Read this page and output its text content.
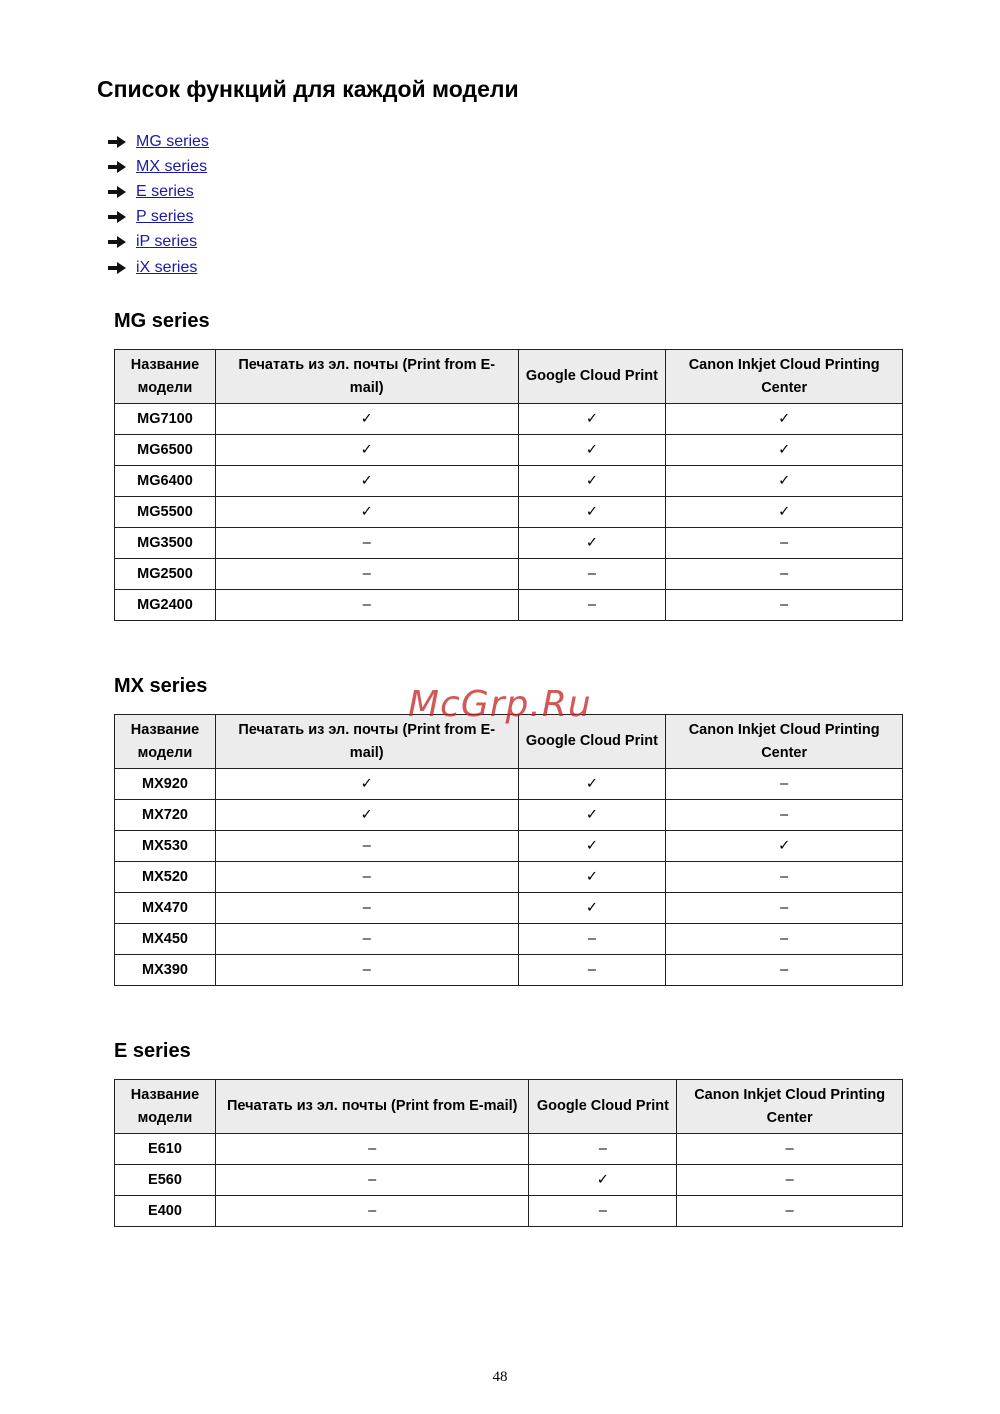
Список функций для каждой модели
MG series
MX series
E series
P series
iP series
iX series
MG series
Название модели	Печатать из эл. почты (Print from E-mail)	Google Cloud Print	Canon Inkjet Cloud Printing Center
MG7100	✓	✓	✓
MG6500	✓	✓	✓
MG6400	✓	✓	✓
MG5500	✓	✓	✓
MG3500	–	✓	–
MG2500	–	–	–
MG2400	–	–	–
MX series
Название модели	Печатать из эл. почты (Print from E-mail)	Google Cloud Print	Canon Inkjet Cloud Printing Center
MX920	✓	✓	–
MX720	✓	✓	–
MX530	–	✓	✓
MX520	–	✓	–
MX470	–	✓	–
MX450	–	–	–
MX390	–	–	–
E series
Название модели	Печатать из эл. почты (Print from E-mail)	Google Cloud Print	Canon Inkjet Cloud Printing Center
E610	–	–	–
E560	–	✓	–
E400	–	–	–
McGrp.Ru
48
